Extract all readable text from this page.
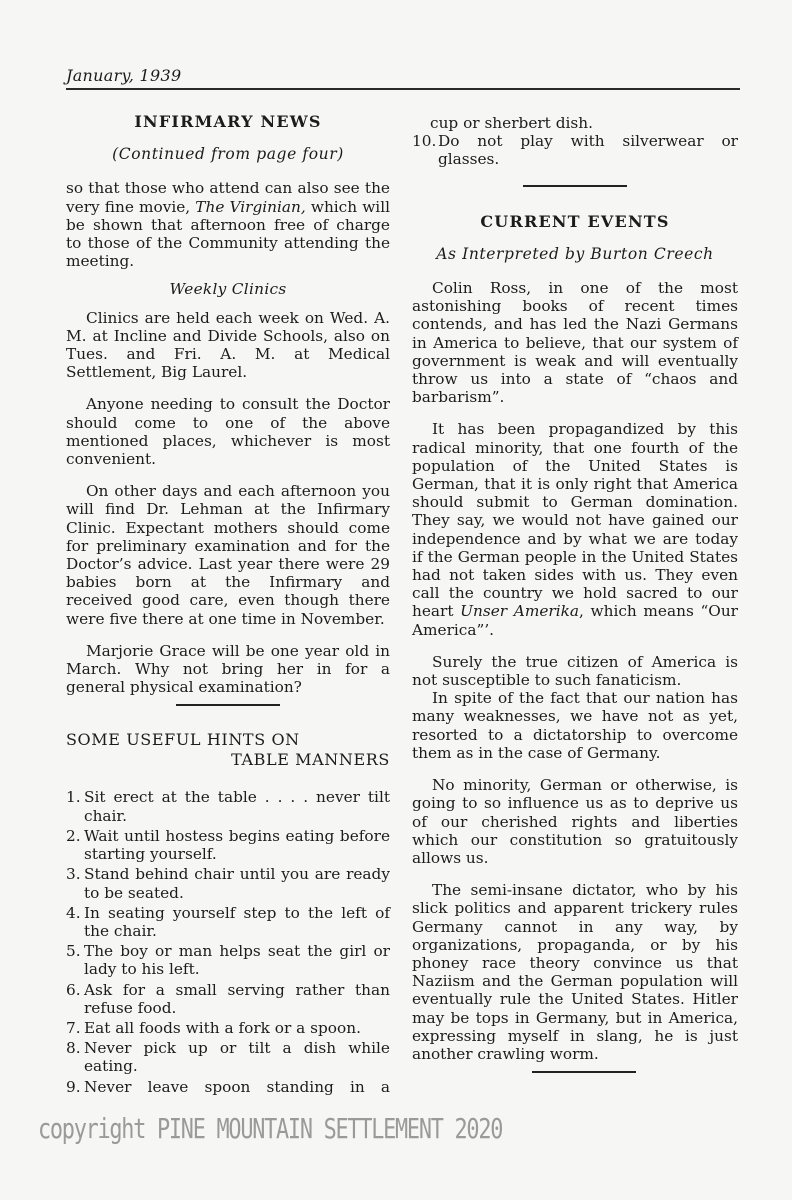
January, 1939
INFIRMARY NEWS
(Continued from page four)

so that those who attend can also see the very fine movie, The Virginian, which will be shown that afternoon free of charge to those of the Community attending the meeting.

Weekly Clinics

Clinics are held each week on Wed. A. M. at Incline and Divide Schools, also on Tues. and Fri. A. M. at Medical Settlement, Big Laurel.

Anyone needing to consult the Doctor should come to one of the above mentioned places, whichever is most convenient.

On other days and each afternoon you will find Dr. Lehman at the Infirmary Clinic. Expectant mothers should come for preliminary examination and for the Doctor’s advice. Last year there were 29 babies born at the Infirmary and received good care, even though there were five there at one time in November.

Marjorie Grace will be one year old in March. Why not bring her in for a general physical examination?

SOME USEFUL HINTS ON
TABLE MANNERS
1. Sit erect at the table . . . . never tilt chair.
2. Wait until hostess begins eating before starting yourself.
3. Stand behind chair until you are ready to be seated.
4. In seating yourself step to the left of the chair.
5. The boy or man helps seat the girl or lady to his left.
6. Ask for a small serving rather than refuse food.
7. Eat all foods with a fork or a spoon.
8. Never pick up or tilt a dish while eating.
9. Never leave spoon standing in a
cup or sherbert dish.
10. Do not play with silverwear or glasses.
CURRENT EVENTS
As Interpreted by Burton Creech

Colin Ross, in one of the most astonishing books of recent times contends, and has led the Nazi Germans in America to believe, that our system of government is weak and will eventually throw us into a state of “chaos and barbarism”.

It has been propagandized by this radical minority, that one fourth of the population of the United States is German, that it is only right that America should submit to German domination. They say, we would not have gained our independence and by what we are today if the German people in the United States had not taken sides with us. They even call the country we hold sacred to our heart Unser Amerika, which means “Our America”’.

Surely the true citizen of America is not susceptible to such fanaticism.

In spite of the fact that our nation has many weaknesses, we have not as yet, resorted to a dictatorship to overcome them as in the case of Germany.

No minority, German or otherwise, is going to so influence us as to deprive us of our cherished rights and liberties which our constitution so gratuitously allows us.

The semi-insane dictator, who by his slick politics and apparent trickery rules Germany cannot in any way, by organizations, propaganda, or by his phoney race theory convince us that Naziism and the German population will eventually rule the United States. Hitler may be tops in Germany, but in America, expressing myself in slang, he is just another crawling worm.

copyright PINE MOUNTAIN SETTLEMENT 2020
